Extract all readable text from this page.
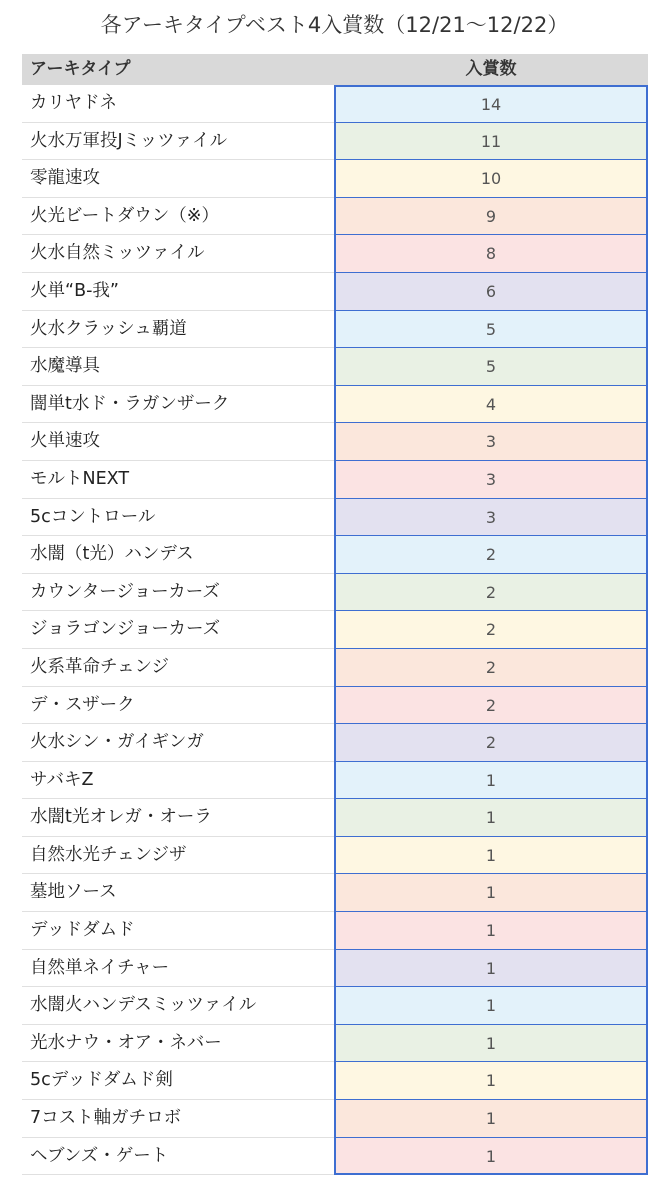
各アーキタイプベスト4入賞数（12/21〜12/22）
アーキタイプ	入賞数
カリヤドネ	14
火水万軍投Jミッツァイル	11
零龍速攻	10
火光ビートダウン（※）	9
火水自然ミッツァイル	8
火単“B-我”	6
火水クラッシュ覇道	5
水魔導具	5
闇単t水ド・ラガンザーク	4
火単速攻	3
モルトNEXT	3
5cコントロール	3
水闇（t光）ハンデス	2
カウンタージョーカーズ	2
ジョラゴンジョーカーズ	2
火系革命チェンジ	2
デ・スザーク	2
火水シン・ガイギンガ	2
サバキZ	1
水闇t光オレガ・オーラ	1
自然水光チェンジザ	1
墓地ソース	1
デッドダムド	1
自然単ネイチャー	1
水闇火ハンデスミッツァイル	1
光水ナウ・オア・ネバー	1
5cデッドダムド剣	1
7コスト軸ガチロボ	1
ヘブンズ・ゲート	1
